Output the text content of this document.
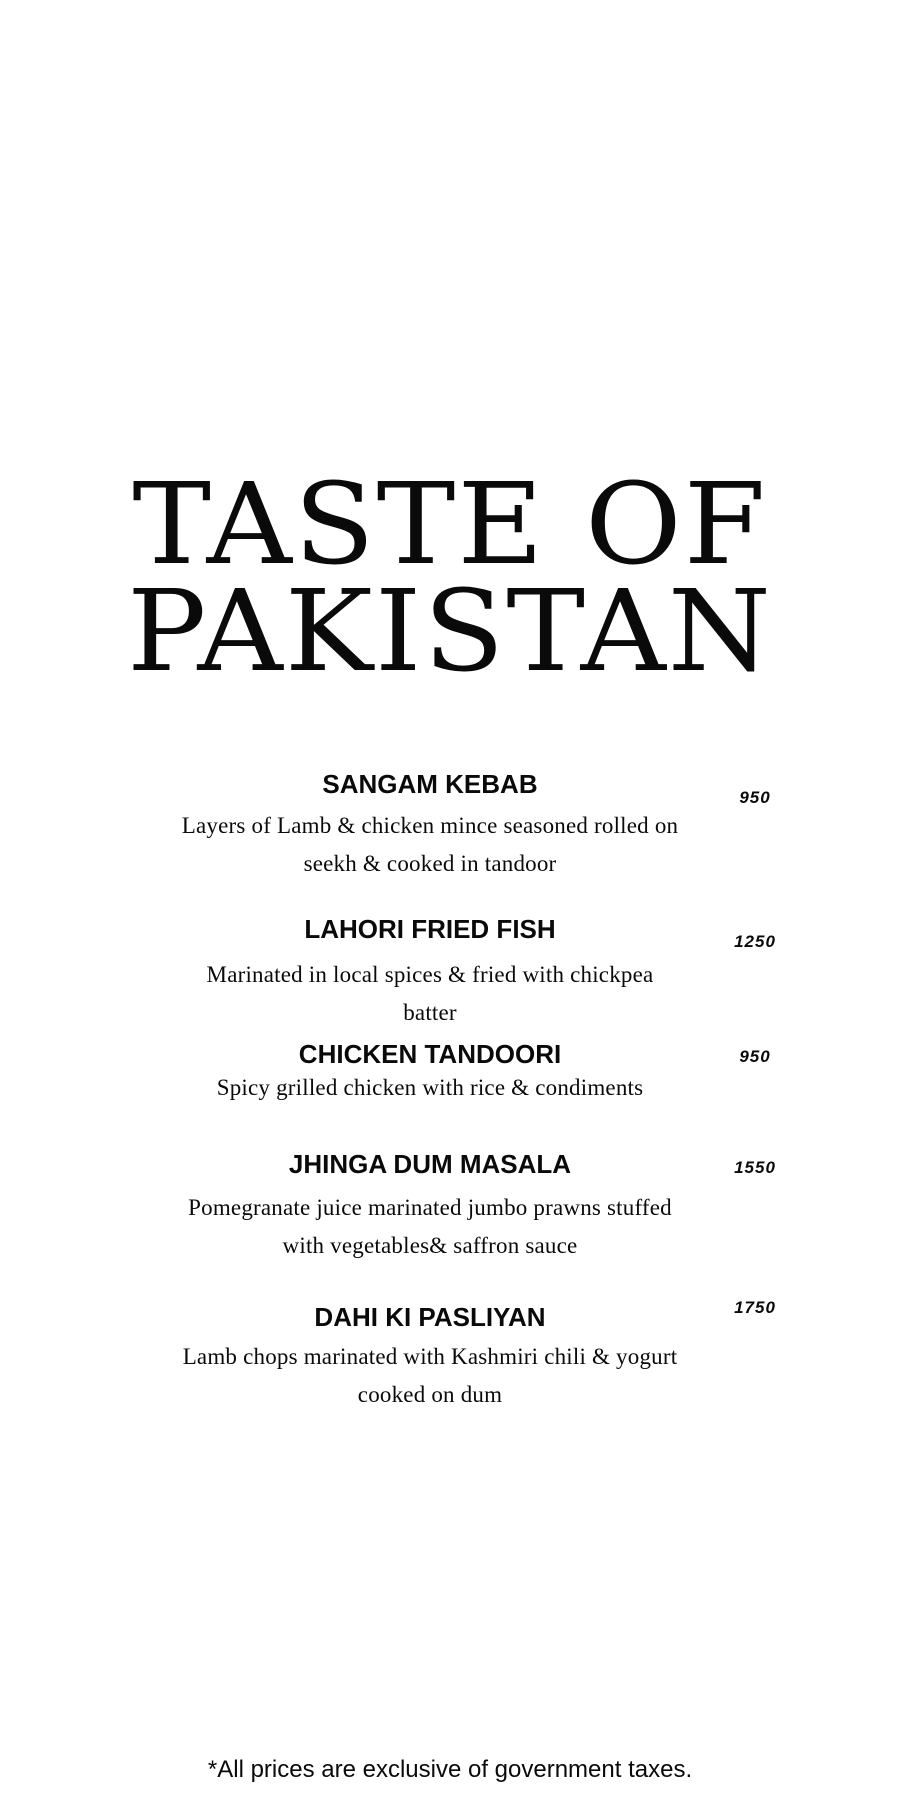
TASTE OF
PAKISTAN
SANGAM KEBAB
Layers of Lamb & chicken mince seasoned rolled on seekh & cooked in tandoor
950
LAHORI FRIED FISH
Marinated in local spices & fried with chickpea batter
1250
CHICKEN TANDOORI
Spicy grilled chicken with rice & condiments
950
JHINGA DUM MASALA
Pomegranate juice marinated jumbo prawns stuffed with vegetables& saffron sauce
1550
DAHI KI PASLIYAN
Lamb chops marinated with Kashmiri chili & yogurt cooked on dum
1750
*All prices are exclusive of government taxes.
